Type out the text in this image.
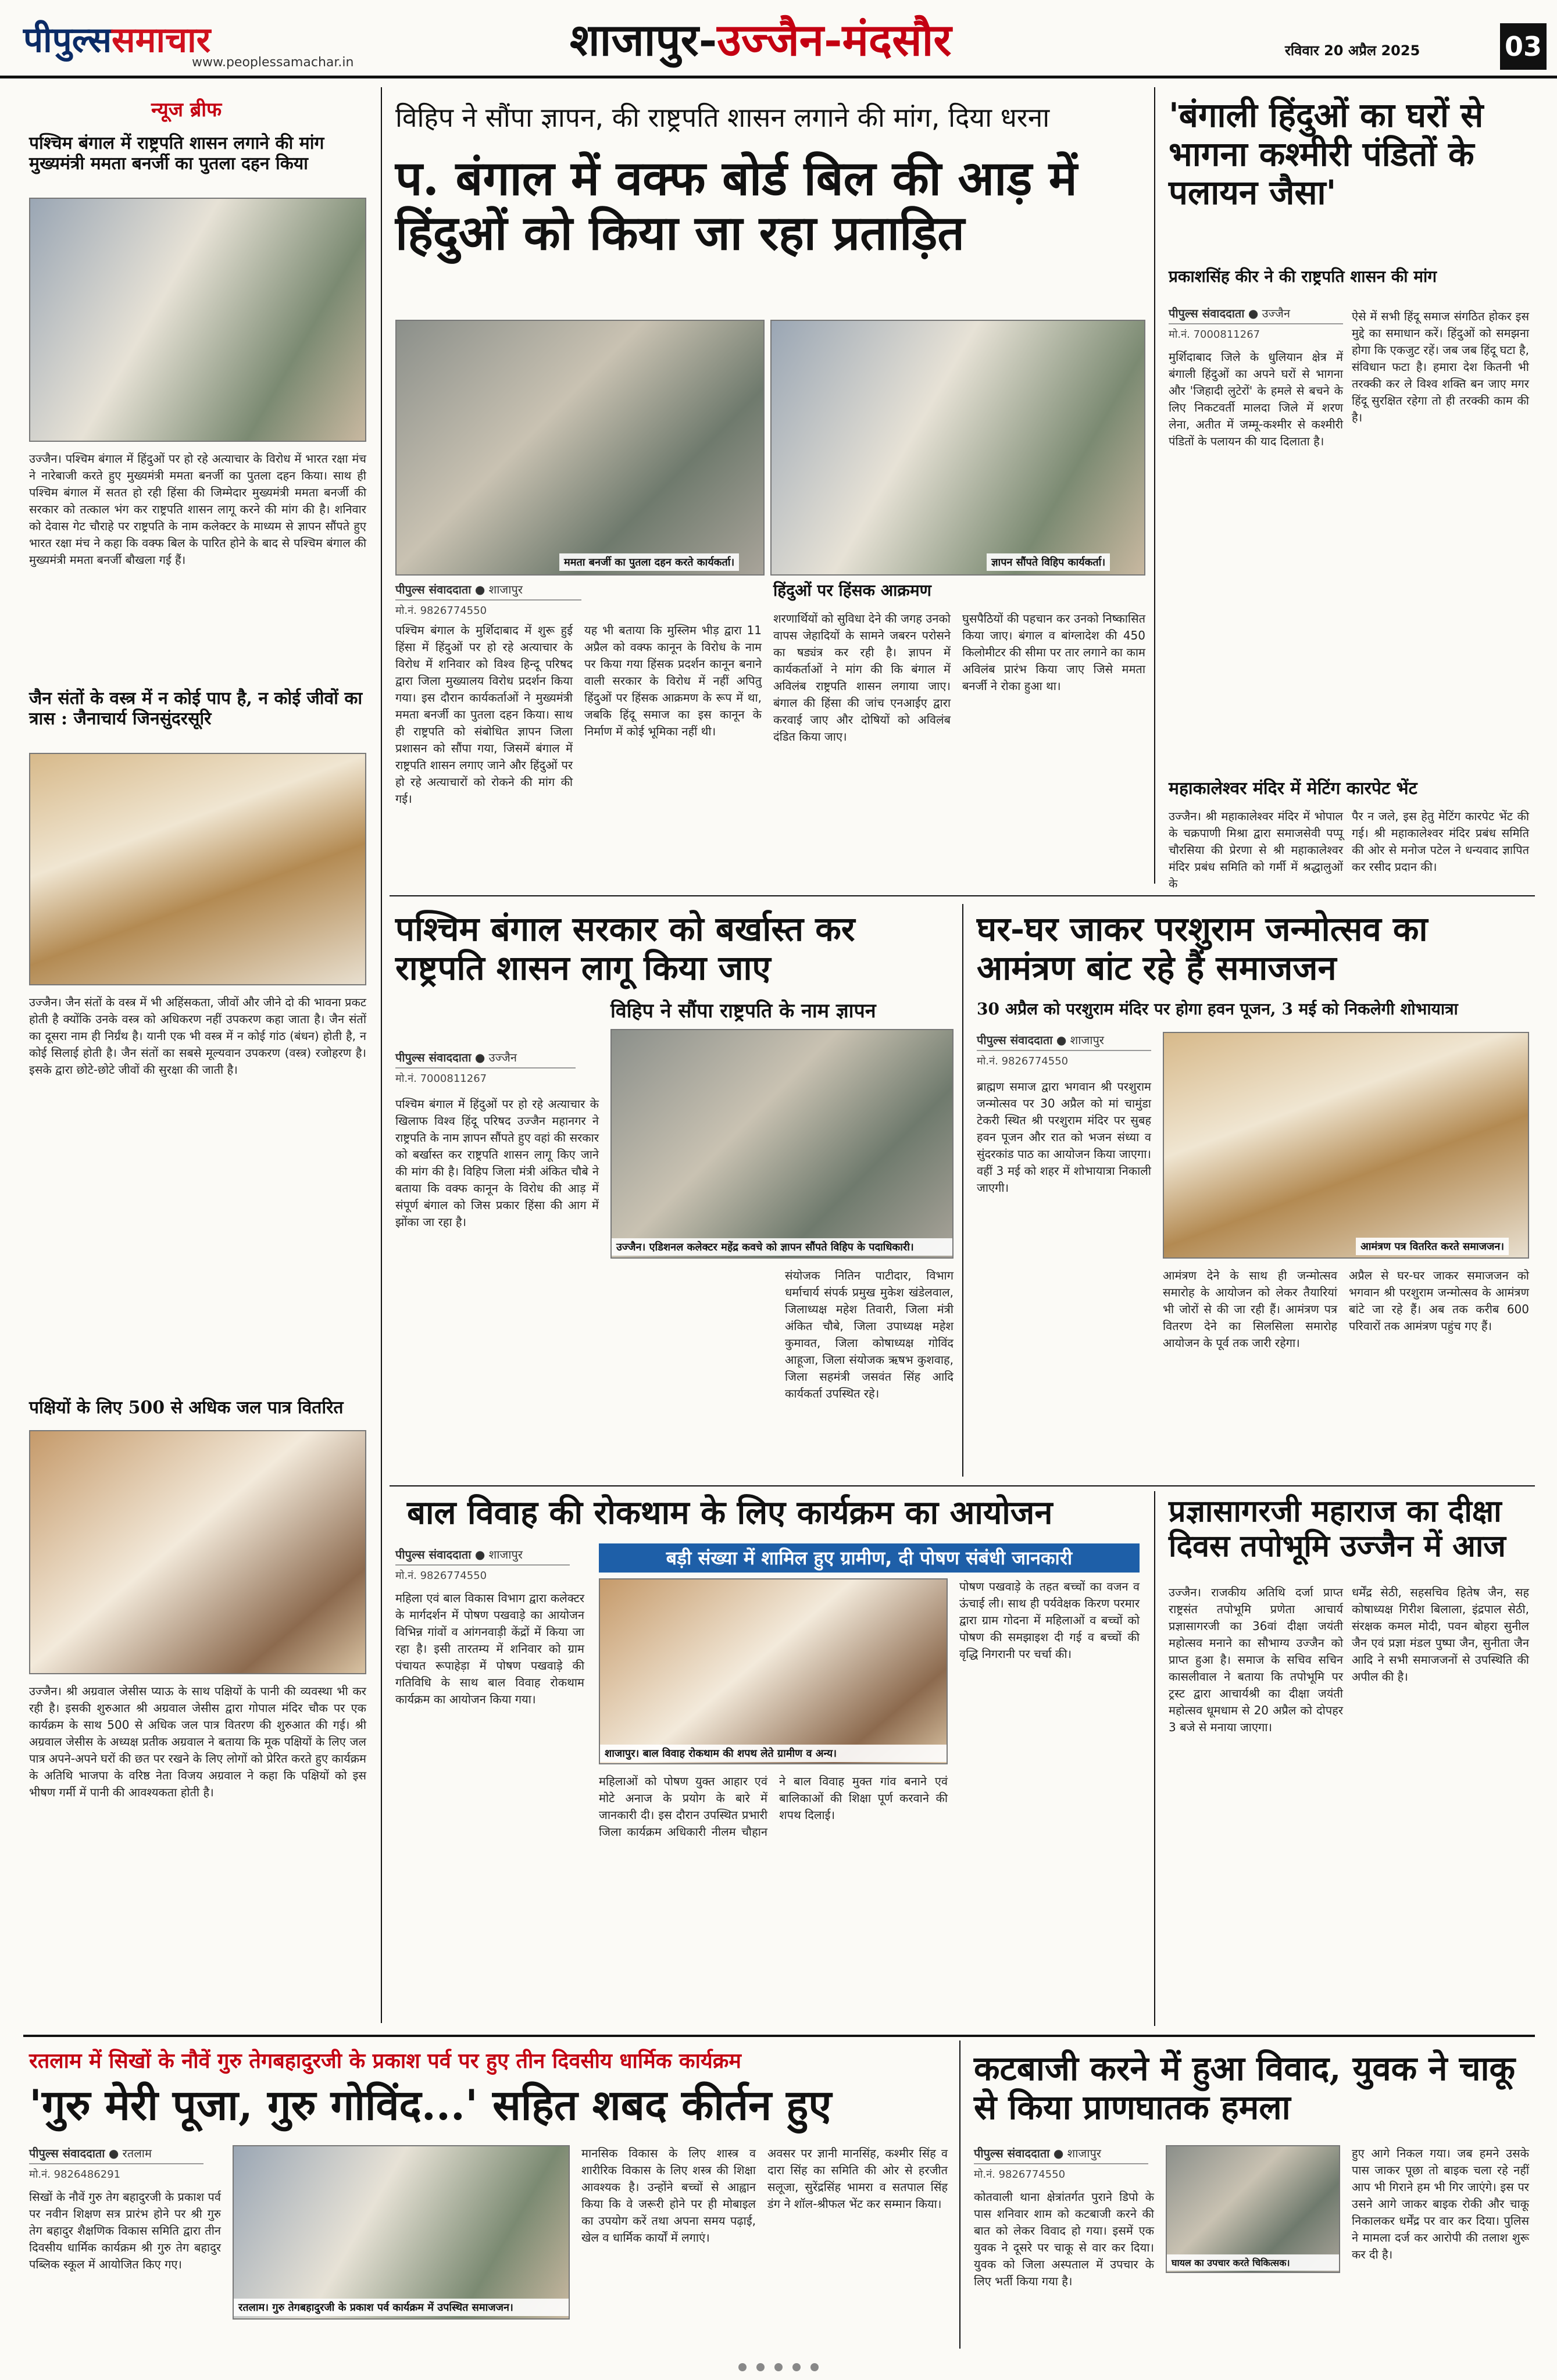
पीपुल्ससमाचार
www.peoplessamachar.in	शाजापुर-उज्जैन-मंदसौर	रविवार 20 अप्रैल 2025	03
न्यूज ब्रीफ
पश्चिम बंगाल में राष्ट्रपति शासन लगाने की मांग मुख्यमंत्री ममता बनर्जी का पुतला दहन किया
उज्जैन। पश्चिम बंगाल में हिंदुओं पर हो रहे अत्याचार के विरोध में भारत रक्षा मंच ने नारेबाजी करते हुए मुख्यमंत्री ममता बनर्जी का पुतला दहन किया। साथ ही पश्चिम बंगाल में सतत हो रही हिंसा की जिम्मेदार मुख्यमंत्री ममता बनर्जी की सरकार को तत्काल भंग कर राष्ट्रपति शासन लागू करने की मांग की है। शनिवार को देवास गेट चौराहे पर राष्ट्रपति के नाम कलेक्टर के माध्यम से ज्ञापन सौंपते हुए भारत रक्षा मंच ने कहा कि वक्फ बिल के पारित होने के बाद से पश्चिम बंगाल की मुख्यमंत्री ममता बनर्जी बौखला गई हैं।
जैन संतों के वस्त्र में न कोई पाप है, न कोई जीवों का त्रास : जैनाचार्य जिनसुंदरसूरि
उज्जैन। जैन संतों के वस्त्र में भी अहिंसकता, जीवों और जीने दो की भावना प्रकट होती है क्योंकि उनके वस्त्र को अधिकरण नहीं उपकरण कहा जाता है। जैन संतों का दूसरा नाम ही निर्ग्रंथ है। यानी एक भी वस्त्र में न कोई गांठ (बंधन) होती है, न कोई सिलाई होती है। जैन संतों का सबसे मूल्यवान उपकरण (वस्त्र) रजोहरण है। इसके द्वारा छोटे-छोटे जीवों की सुरक्षा की जाती है।
पक्षियों के लिए 500 से अधिक जल पात्र वितरित
उज्जैन। श्री अग्रवाल जेसीस प्याऊ के साथ पक्षियों के पानी की व्यवस्था भी कर रही है। इसकी शुरुआत श्री अग्रवाल जेसीस द्वारा गोपाल मंदिर चौक पर एक कार्यक्रम के साथ 500 से अधिक जल पात्र वितरण की शुरुआत की गई। श्री अग्रवाल जेसीस के अध्यक्ष प्रतीक अग्रवाल ने बताया कि मूक पक्षियों के लिए जल पात्र अपने-अपने घरों की छत पर रखने के लिए लोगों को प्रेरित करते हुए कार्यक्रम के अतिथि भाजपा के वरिष्ठ नेता विजय अग्रवाल ने कहा कि पक्षियों को इस भीषण गर्मी में पानी की आवश्यकता होती है।
विहिप ने सौंपा ज्ञापन, की राष्ट्रपति शासन लगाने की मांग, दिया धरना
प. बंगाल में वक्फ बोर्ड बिल की आड़ में हिंदुओं को किया जा रहा प्रताड़ित
ममता बनर्जी का पुतला दहन करते कार्यकर्ता।	ज्ञापन सौंपते विहिप कार्यकर्ता।
पीपुल्स संवाददाता ● शाजापुर
मो.नं. 9826774550
हिंदुओं पर हिंसक आक्रमण
पश्चिम बंगाल के मुर्शिदाबाद में शुरू हुई हिंसा में हिंदुओं पर हो रहे अत्याचार के विरोध में शनिवार को विश्व हिन्दू परिषद द्वारा जिला मुख्यालय विरोध प्रदर्शन किया गया। इस दौरान कार्यकर्ताओं ने मुख्यमंत्री ममता बनर्जी का पुतला दहन किया। साथ ही राष्ट्रपति को संबोधित ज्ञापन जिला प्रशासन को सौंपा गया, जिसमें बंगाल में राष्ट्रपति शासन लगाए जाने और हिंदुओं पर हो रहे अत्याचारों को रोकने की मांग की गई।
यह भी बताया कि मुस्लिम भीड़ द्वारा 11 अप्रैल को वक्फ कानून के विरोध के नाम पर किया गया हिंसक प्रदर्शन कानून बनाने वाली सरकार के विरोध में नहीं अपितु हिंदुओं पर हिंसक आक्रमण के रूप में था, जबकि हिंदू समाज का इस कानून के निर्माण में कोई भूमिका नहीं थी।
शरणार्थियों को सुविधा देने की जगह उनको वापस जेहादियों के सामने जबरन परोसने का षड्यंत्र कर रही है। ज्ञापन में कार्यकर्ताओं ने मांग की कि बंगाल में अविलंब राष्ट्रपति शासन लगाया जाए। बंगाल की हिंसा की जांच एनआईए द्वारा करवाई जाए और दोषियों को अविलंब दंडित किया जाए।
घुसपैठियों की पहचान कर उनको निष्कासित किया जाए। बंगाल व बांग्लादेश की 450 किलोमीटर की सीमा पर तार लगाने का काम अविलंब प्रारंभ किया जाए जिसे ममता बनर्जी ने रोका हुआ था।
'बंगाली हिंदुओं का घरों से भागना कश्मीरी पंडितों के पलायन जैसा'
प्रकाशसिंह कीर ने की राष्ट्रपति शासन की मांग
पीपुल्स संवाददाता ● उज्जैन
मो.नं. 7000811267
मुर्शिदाबाद जिले के धुलियान क्षेत्र में बंगाली हिंदुओं का अपने घरों से भागना और 'जिहादी लुटेरों' के हमले से बचने के लिए निकटवर्ती मालदा जिले में शरण लेना, अतीत में जम्मू-कश्मीर से कश्मीरी पंडितों के पलायन की याद दिलाता है।
ऐसे में सभी हिंदू समाज संगठित होकर इस मुद्दे का समाधान करें। हिंदुओं को समझना होगा कि एकजुट रहें। जब जब हिंदू घटा है, संविधान फटा है। हमारा देश कितनी भी तरक्की कर ले विश्व शक्ति बन जाए मगर हिंदू सुरक्षित रहेगा तो ही तरक्की काम की है।
महाकालेश्वर मंदिर में मेटिंग कारपेट भेंट
उज्जैन। श्री महाकालेश्वर मंदिर में भोपाल के चक्रपाणी मिश्रा द्वारा समाजसेवी पप्पू चौरसिया की प्रेरणा से श्री महाकालेश्वर मंदिर प्रबंध समिति को गर्मी में श्रद्धालुओं के
पैर न जले, इस हेतु मेटिंग कारपेट भेंट की गई। श्री महाकालेश्वर मंदिर प्रबंध समिति की ओर से मनोज पटेल ने धन्यवाद ज्ञापित कर रसीद प्रदान की।
पश्चिम बंगाल सरकार को बर्खास्त कर राष्ट्रपति शासन लागू किया जाए
पीपुल्स संवाददाता ● उज्जैन
मो.नं. 7000811267
विहिप ने सौंपा राष्ट्रपति के नाम ज्ञापन
उज्जैन। एडिशनल कलेक्टर महेंद्र कवचे को ज्ञापन सौंपते विहिप के पदाधिकारी।
पश्चिम बंगाल में हिंदुओं पर हो रहे अत्याचार के खिलाफ विश्व हिंदू परिषद उज्जैन महानगर ने राष्ट्रपति के नाम ज्ञापन सौंपते हुए वहां की सरकार को बर्खास्त कर राष्ट्रपति शासन लागू किए जाने की मांग की है। विहिप जिला मंत्री अंकित चौबे ने बताया कि वक्फ कानून के विरोध की आड़ में संपूर्ण बंगाल को जिस प्रकार हिंसा की आग में झोंका जा रहा है।
संयोजक नितिन पाटीदार, विभाग धर्माचार्य संपर्क प्रमुख मुकेश खंडेलवाल, जिलाध्यक्ष महेश तिवारी, जिला मंत्री अंकित चौबे, जिला उपाध्यक्ष महेश कुमावत, जिला कोषाध्यक्ष गोविंद आहूजा, जिला संयोजक ऋषभ कुशवाह, जिला सहमंत्री जसवंत सिंह आदि कार्यकर्ता उपस्थित रहे।
घर-घर जाकर परशुराम जन्मोत्सव का आमंत्रण बांट रहे हैं समाजजन
30 अप्रैल को परशुराम मंदिर पर होगा हवन पूजन, 3 मई को निकलेगी शोभायात्रा
पीपुल्स संवाददाता ● शाजापुर
मो.नं. 9826774550
ब्राह्मण समाज द्वारा भगवान श्री परशुराम जन्मोत्सव पर 30 अप्रैल को मां चामुंडा टेकरी स्थित श्री परशुराम मंदिर पर सुबह हवन पूजन और रात को भजन संध्या व सुंदरकांड पाठ का आयोजन किया जाएगा। वहीं 3 मई को शहर में शोभायात्रा निकाली जाएगी।
आमंत्रण पत्र वितरित करते समाजजन।
आमंत्रण देने के साथ ही जन्मोत्सव समारोह के आयोजन को लेकर तैयारियां भी जोरों से की जा रही हैं। आमंत्रण पत्र वितरण देने का सिलसिला समारोह आयोजन के पूर्व तक जारी रहेगा।
अप्रैल से घर-घर जाकर समाजजन को भगवान श्री परशुराम जन्मोत्सव के आमंत्रण बांटे जा रहे हैं। अब तक करीब 600 परिवारों तक आमंत्रण पहुंच गए हैं।
बाल विवाह की रोकथाम के लिए कार्यक्रम का आयोजन
पीपुल्स संवाददाता ● शाजापुर
मो.नं. 9826774550
बड़ी संख्या में शामिल हुए ग्रामीण, दी पोषण संबंधी जानकारी
महिला एवं बाल विकास विभाग द्वारा कलेक्टर के मार्गदर्शन में पोषण पखवाड़े का आयोजन विभिन्न गांवों व आंगनवाड़ी केंद्रों में किया जा रहा है। इसी तारतम्य में शनिवार को ग्राम पंचायत रूपाहेड़ा में पोषण पखवाड़े की गतिविधि के साथ बाल विवाह रोकथाम कार्यक्रम का आयोजन किया गया।
शाजापुर। बाल विवाह रोकथाम की शपथ लेते ग्रामीण व अन्य।
महिलाओं को पोषण युक्त आहार एवं मोटे अनाज के प्रयोग के बारे में जानकारी दी। इस दौरान उपस्थित प्रभारी जिला कार्यक्रम अधिकारी नीलम चौहान ने बाल विवाह मुक्त गांव बनाने एवं बालिकाओं की शिक्षा पूर्ण करवाने की शपथ दिलाई।
पोषण पखवाड़े के तहत बच्चों का वजन व ऊंचाई ली। साथ ही पर्यवेक्षक किरण परमार द्वारा ग्राम गोदना में महिलाओं व बच्चों को पोषण की समझाइश दी गई व बच्चों की वृद्धि निगरानी पर चर्चा की।
प्रज्ञासागरजी महाराज का दीक्षा दिवस तपोभूमि उज्जैन में आज
उज्जैन। राजकीय अतिथि दर्जा प्राप्त राष्ट्रसंत तपोभूमि प्रणेता आचार्य प्रज्ञासागरजी का 36वां दीक्षा जयंती महोत्सव मनाने का सौभाग्य उज्जैन को प्राप्त हुआ है। समाज के सचिव सचिन कासलीवाल ने बताया कि तपोभूमि पर ट्रस्ट द्वारा आचार्यश्री का दीक्षा जयंती महोत्सव धूमधाम से 20 अप्रैल को दोपहर 3 बजे से मनाया जाएगा।
धर्मेंद्र सेठी, सहसचिव हितेष जैन, सह कोषाध्यक्ष गिरीश बिलाला, इंद्रपाल सेठी, संरक्षक कमल मोदी, पवन बोहरा सुनील जैन एवं प्रज्ञा मंडल पुष्पा जैन, सुनीता जैन आदि ने सभी समाजजनों से उपस्थिति की अपील की है।
रतलाम में सिखों के नौवें गुरु तेगबहादुरजी के प्रकाश पर्व पर हुए तीन दिवसीय धार्मिक कार्यक्रम
'गुरु मेरी पूजा, गुरु गोविंद...' सहित शबद कीर्तन हुए
पीपुल्स संवाददाता ● रतलाम
मो.नं. 9826486291
सिखों के नौवें गुरु तेग बहादुरजी के प्रकाश पर्व पर नवीन शिक्षण सत्र प्रारंभ होने पर श्री गुरु तेग बहादुर शैक्षणिक विकास समिति द्वारा तीन दिवसीय धार्मिक कार्यक्रम श्री गुरु तेग बहादुर पब्लिक स्कूल में आयोजित किए गए।
रतलाम। गुरु तेगबहादुरजी के प्रकाश पर्व कार्यक्रम में उपस्थित समाजजन।
मानसिक विकास के लिए शास्त्र व शारीरिक विकास के लिए शस्त्र की शिक्षा आवश्यक है। उन्होंने बच्चों से आह्वान किया कि वे जरूरी होने पर ही मोबाइल का उपयोग करें तथा अपना समय पढ़ाई, खेल व धार्मिक कार्यों में लगाएं।
अवसर पर ज्ञानी मानसिंह, कश्मीर सिंह व दारा सिंह का समिति की ओर से हरजीत सलूजा, सुरेंद्रसिंह भामरा व सतपाल सिंह डंग ने शॉल-श्रीफल भेंट कर सम्मान किया।
कटबाजी करने में हुआ विवाद, युवक ने चाकू से किया प्राणघातक हमला
पीपुल्स संवाददाता ● शाजापुर
मो.नं. 9826774550
कोतवाली थाना क्षेत्रांतर्गत पुराने डिपो के पास शनिवार शाम को कटबाजी करने की बात को लेकर विवाद हो गया। इसमें एक युवक ने दूसरे पर चाकू से वार कर दिया। युवक को जिला अस्पताल में उपचार के लिए भर्ती किया गया है।
घायल का उपचार करते चिकित्सक।
हुए आगे निकल गया। जब हमने उसके पास जाकर पूछा तो बाइक चला रहे नहीं आप भी गिराने हम भी गिर जाएंगे। इस पर उसने आगे जाकर बाइक रोकी और चाकू निकालकर धर्मेंद्र पर वार कर दिया। पुलिस ने मामला दर्ज कर आरोपी की तलाश शुरू कर दी है।
